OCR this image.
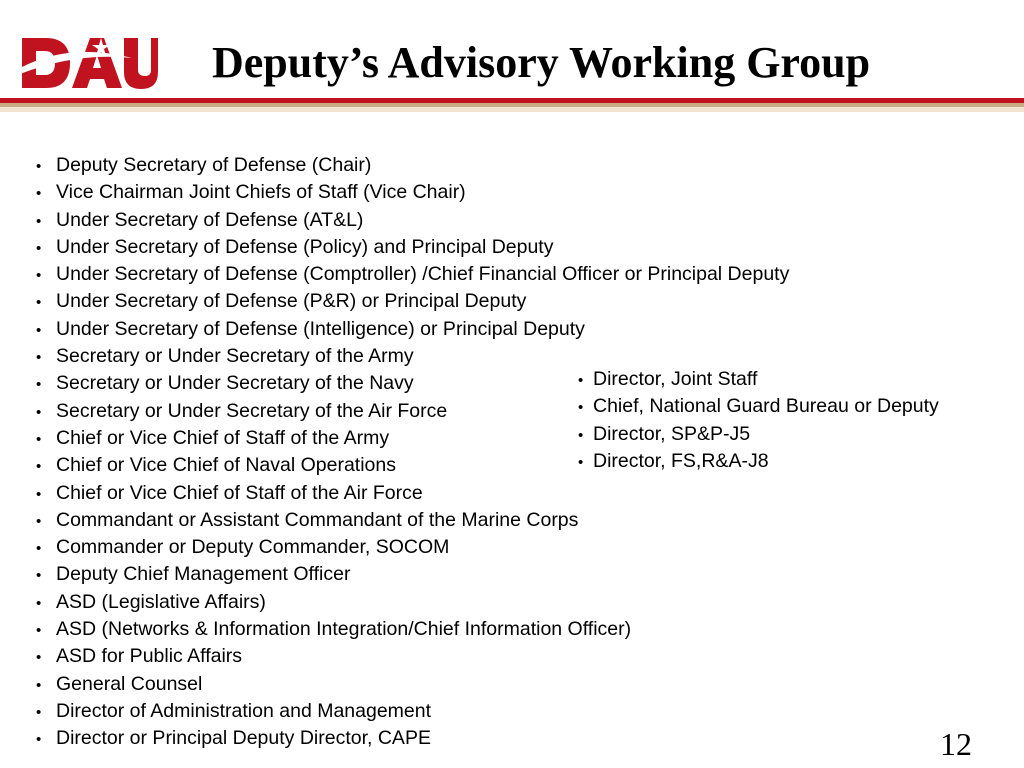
Deputy’s Advisory Working Group
• Deputy Secretary of Defense (Chair)
• Vice Chairman Joint Chiefs of Staff (Vice Chair)
• Under Secretary of Defense (AT&L)
• Under Secretary of Defense (Policy) and Principal Deputy
• Under Secretary of Defense (Comptroller) /Chief Financial Officer or Principal Deputy
• Under Secretary of Defense (P&R) or Principal Deputy
• Under Secretary of Defense (Intelligence) or Principal Deputy
• Secretary or Under Secretary of the Army
• Secretary or Under Secretary of the Navy
• Secretary or Under Secretary of the Air Force
• Chief or Vice Chief of Staff of the Army
• Chief or Vice Chief of Naval Operations
• Chief or Vice Chief of Staff of the Air Force
• Commandant or Assistant Commandant of the Marine Corps
• Commander or Deputy Commander, SOCOM
• Deputy Chief Management Officer
• ASD (Legislative Affairs)
• ASD (Networks & Information Integration/Chief Information Officer)
• ASD for Public Affairs
• General Counsel
• Director of Administration and Management
• Director or Principal Deputy Director, CAPE
• Director, Joint Staff
• Chief, National Guard Bureau or Deputy
• Director, SP&P-J5
• Director, FS,R&A-J8
12
